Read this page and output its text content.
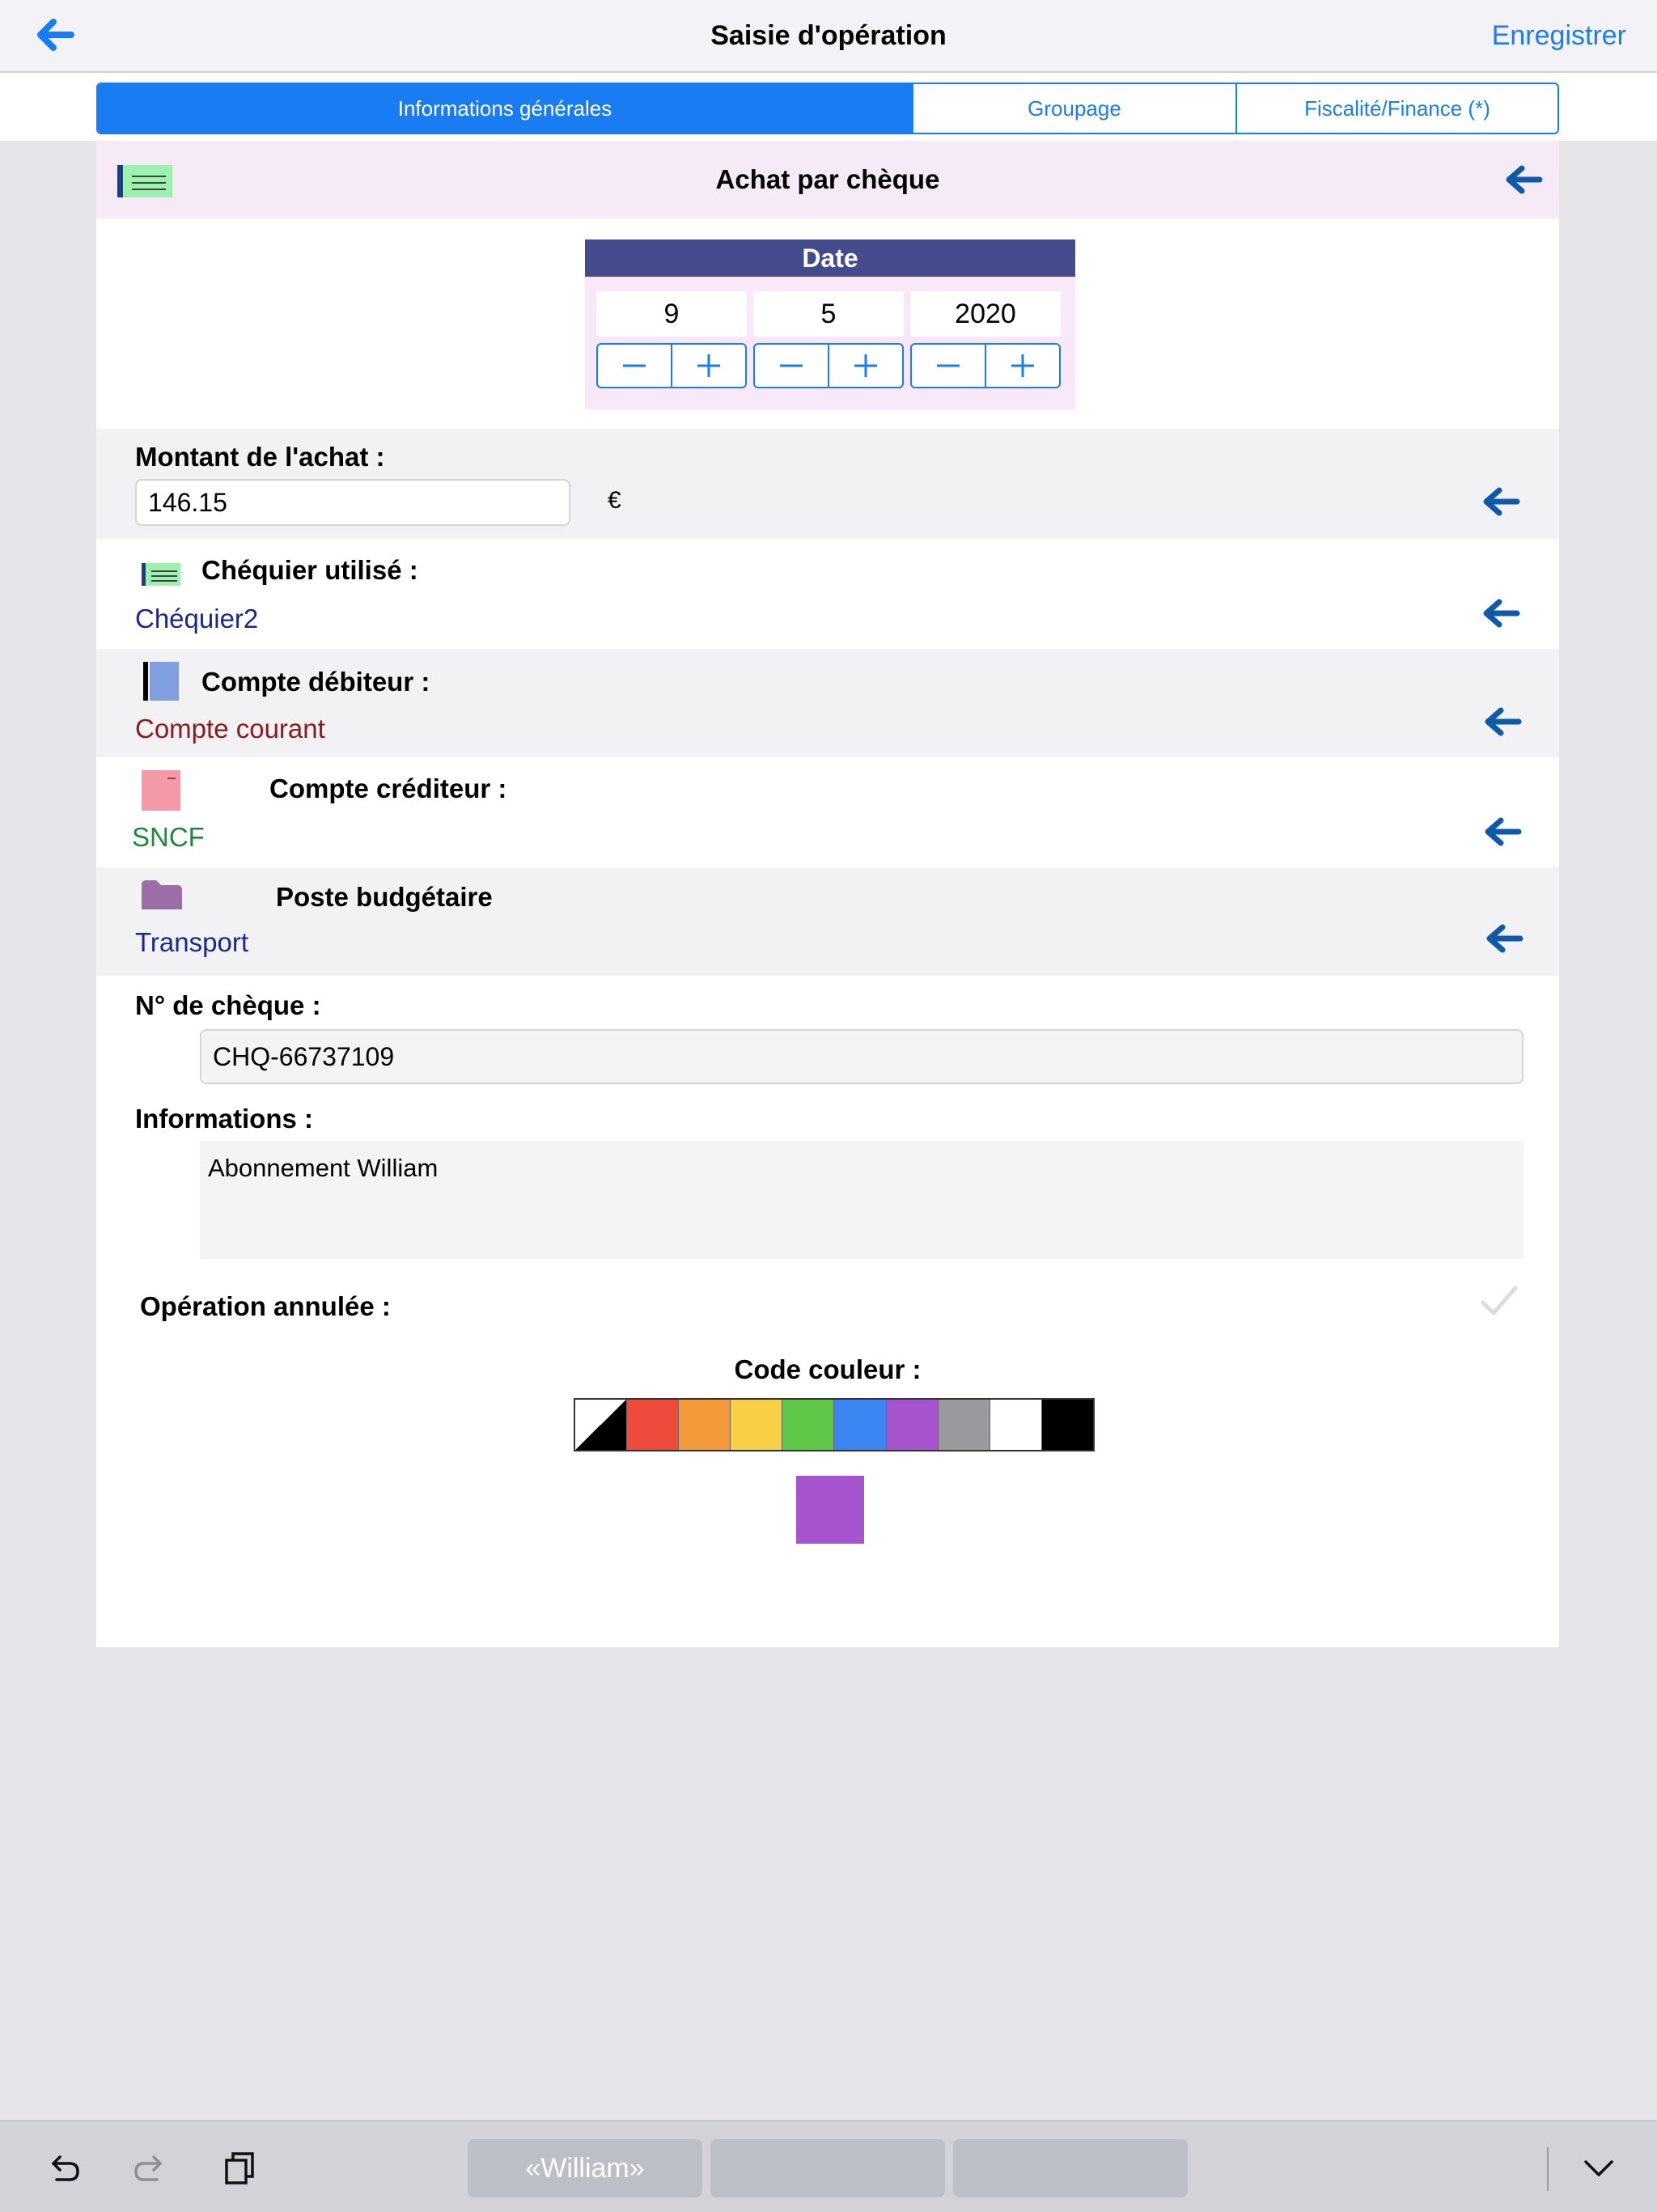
Saisie d'opération	Enregistrer
Informations générales	Groupage	Fiscalité/Finance (*)
Achat par chèque
Date
9	5	2020
Montant de l'achat :
146.15
€
Chéquier utilisé :
Chéquier2
Compte débiteur :
Compte courant
Compte créditeur :
SNCF
Poste budgétaire
Transport
N° de chèque :
CHQ-66737109
Informations :
Abonnement William
Opération annulée :
Code couleur :
«William»
